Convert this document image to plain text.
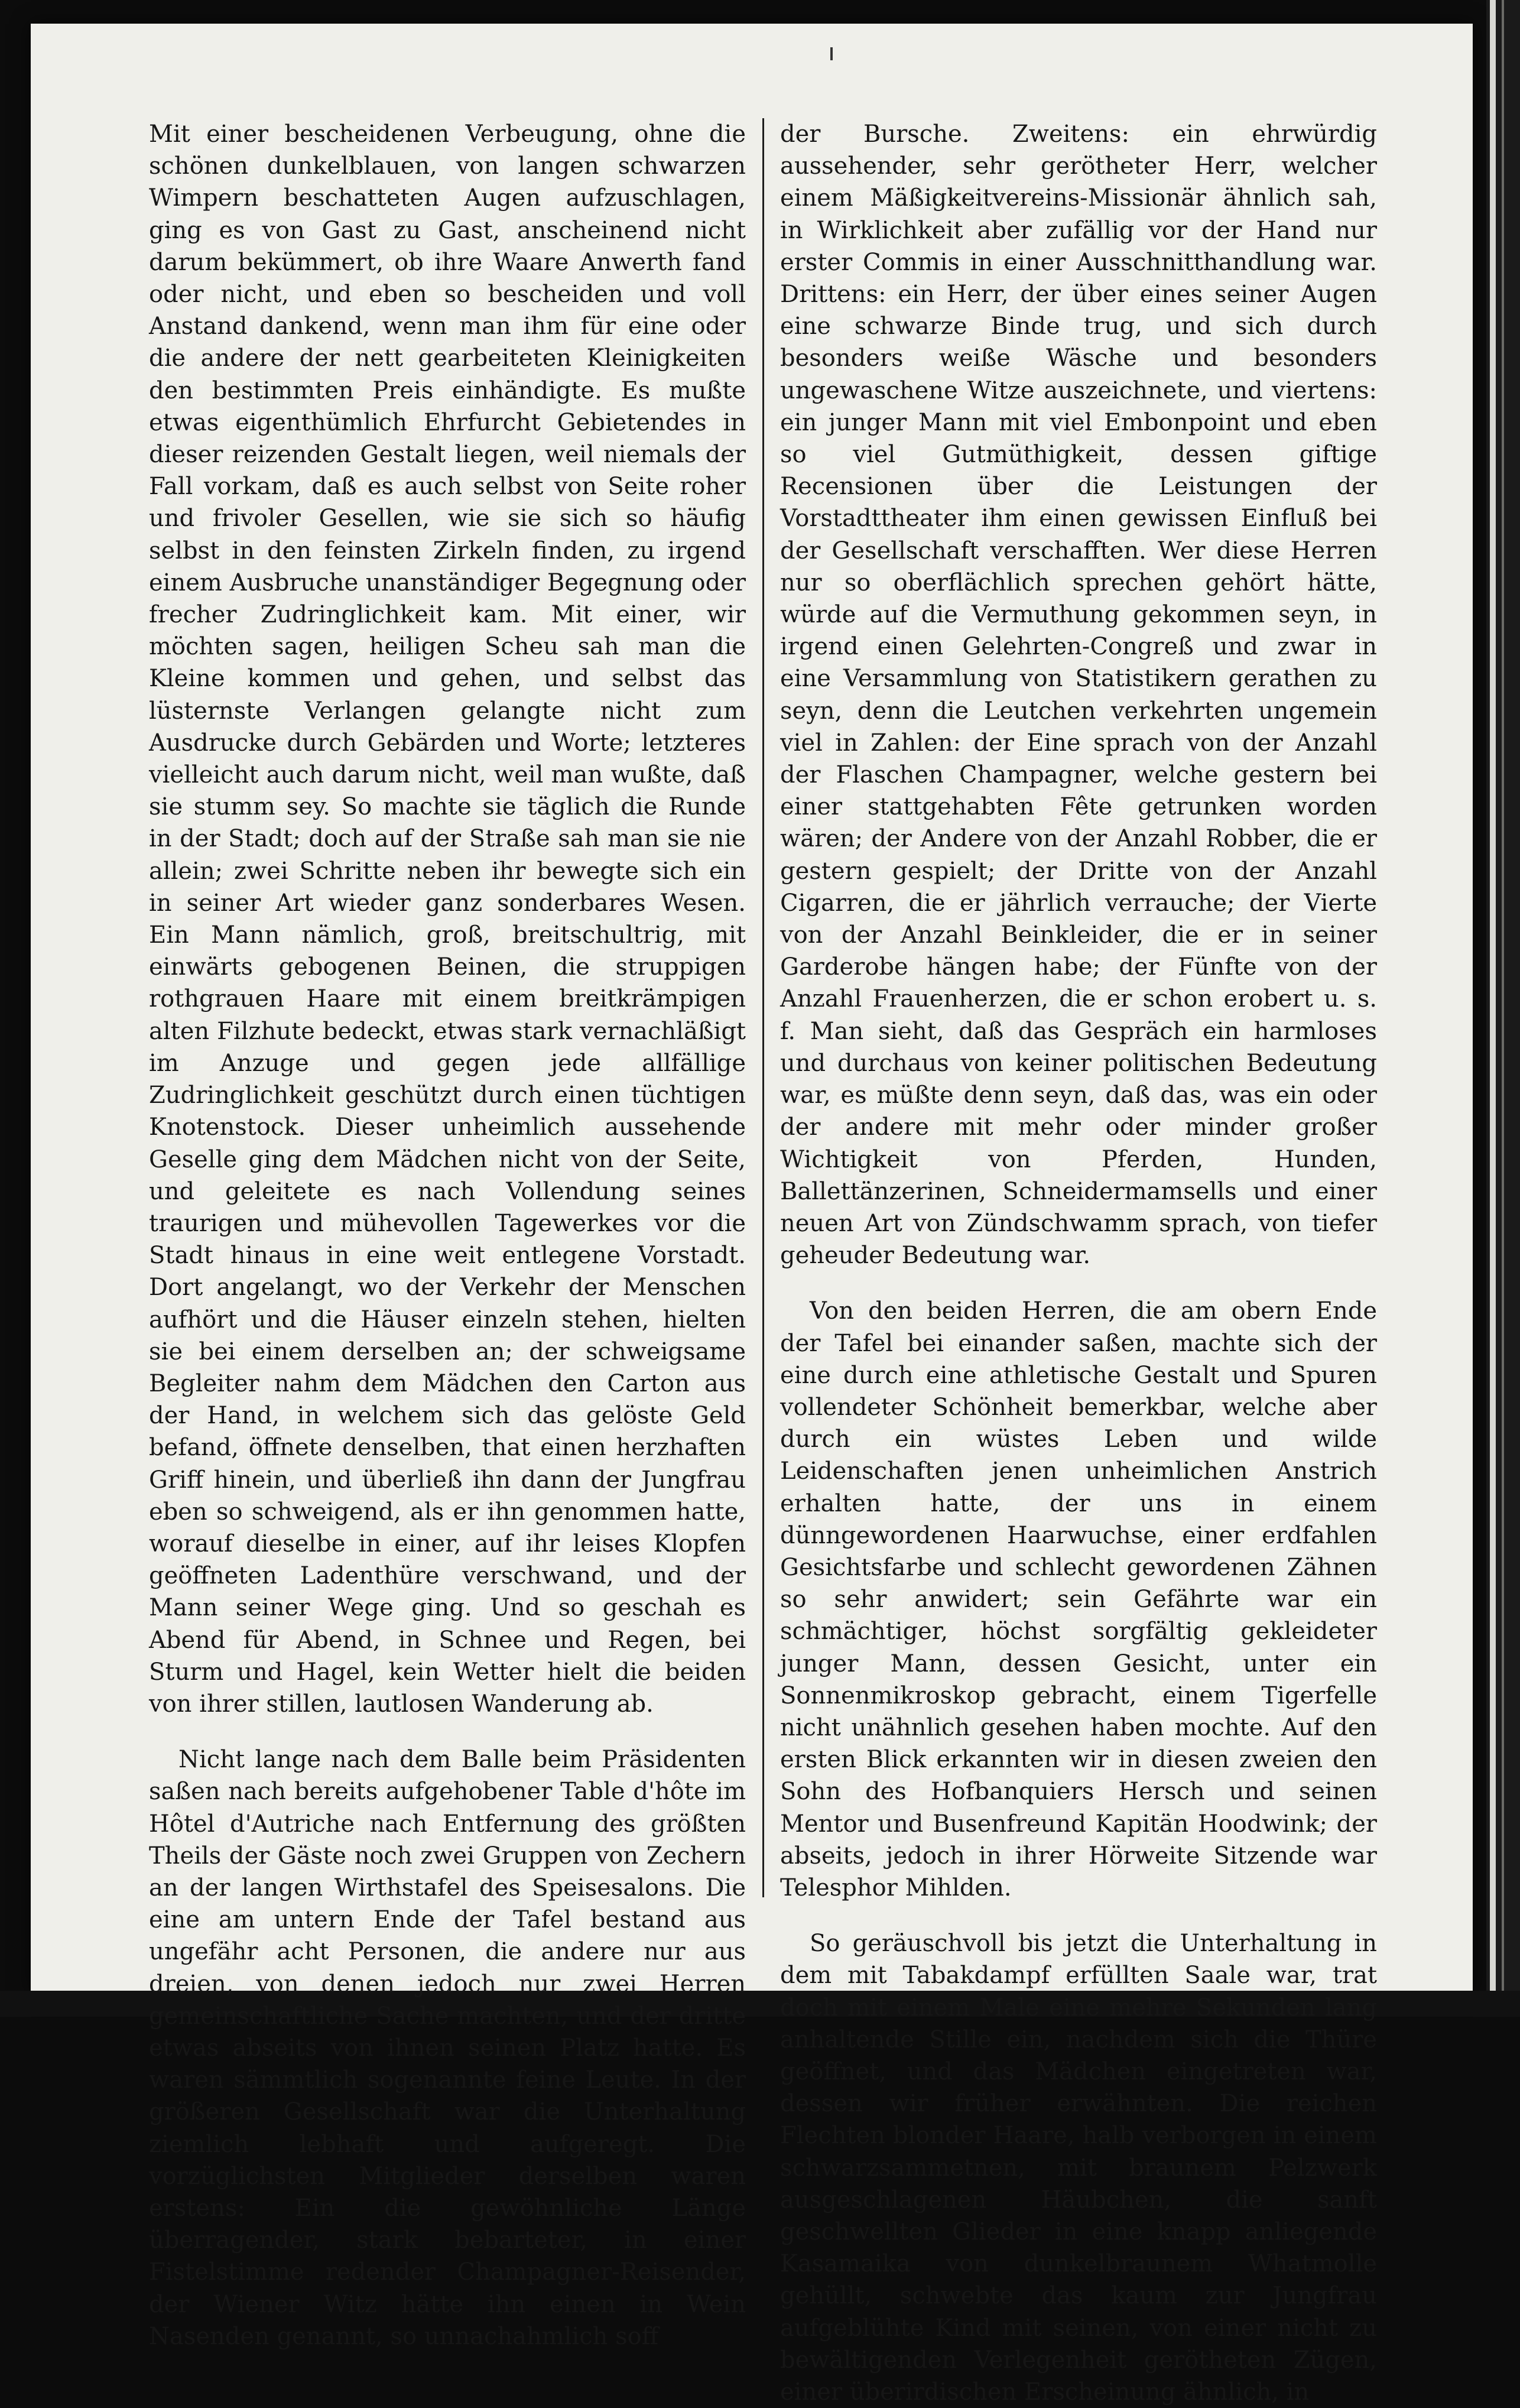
Mit einer bescheidenen Verbeugung, ohne die schönen dunkelblauen, von langen schwarzen Wimpern beschatteten Augen aufzuschlagen, ging es von Gast zu Gast, anscheinend nicht darum bekümmert, ob ihre Waare Anwerth fand oder nicht, und eben so bescheiden und voll Anstand dankend, wenn man ihm für eine oder die andere der nett gearbeiteten Kleinigkeiten den bestimmten Preis einhändigte. Es mußte etwas eigenthümlich Ehrfurcht Gebietendes in dieser reizenden Gestalt liegen, weil niemals der Fall vorkam, daß es auch selbst von Seite roher und frivoler Gesellen, wie sie sich so häufig selbst in den feinsten Zirkeln finden, zu irgend einem Ausbruche unanständiger Begegnung oder frecher Zudringlichkeit kam. Mit einer, wir möchten sagen, heiligen Scheu sah man die Kleine kommen und gehen, und selbst das lüsternste Verlangen gelangte nicht zum Ausdrucke durch Gebärden und Worte; letzteres vielleicht auch darum nicht, weil man wußte, daß sie stumm sey. So machte sie täglich die Runde in der Stadt; doch auf der Straße sah man sie nie allein; zwei Schritte neben ihr bewegte sich ein in seiner Art wieder ganz sonderbares Wesen. Ein Mann nämlich, groß, breitschultrig, mit einwärts gebogenen Beinen, die struppigen rothgrauen Haare mit einem breitkrämpigen alten Filzhute bedeckt, etwas stark vernachläßigt im Anzuge und gegen jede allfällige Zudringlichkeit geschützt durch einen tüchtigen Knotenstock. Dieser unheimlich aussehende Geselle ging dem Mädchen nicht von der Seite, und geleitete es nach Vollendung seines traurigen und mühevollen Tagewerkes vor die Stadt hinaus in eine weit entlegene Vorstadt. Dort angelangt, wo der Verkehr der Menschen aufhört und die Häuser einzeln stehen, hielten sie bei einem derselben an; der schweigsame Begleiter nahm dem Mädchen den Carton aus der Hand, in welchem sich das gelöste Geld befand, öffnete denselben, that einen herzhaften Griff hinein, und überließ ihn dann der Jungfrau eben so schweigend, als er ihn genommen hatte, worauf dieselbe in einer, auf ihr leises Klopfen geöffneten Ladenthüre verschwand, und der Mann seiner Wege ging. Und so geschah es Abend für Abend, in Schnee und Regen, bei Sturm und Hagel, kein Wetter hielt die beiden von ihrer stillen, lautlosen Wanderung ab.

Nicht lange nach dem Balle beim Präsidenten saßen nach bereits aufgehobener Table d'hôte im Hôtel d'Autriche nach Entfernung des größten Theils der Gäste noch zwei Gruppen von Zechern an der langen Wirthstafel des Speisesalons. Die eine am untern Ende der Tafel bestand aus ungefähr acht Personen, die andere nur aus dreien, von denen jedoch nur zwei Herren gemeinschaftliche Sache machten, und der dritte etwas abseits von ihnen seinen Platz hatte. Es waren sämmtlich sogenannte feine Leute. In der größeren Gesellschaft war die Unterhaltung ziemlich lebhaft und aufgeregt. Die vorzüglichsten Mitglieder derselben waren erstens: Ein die gewöhnliche Länge überragender, stark bebarteter, in einer Fistelstimme redender Champagner-Reisender, der Wiener Witz hätte ihn einen in Wein Nasenden genannt, so unnachahmlich soff

der Bursche. Zweitens: ein ehrwürdig aussehender, sehr gerötheter Herr, welcher einem Mäßigkeitvereins-Missionär ähnlich sah, in Wirklichkeit aber zufällig vor der Hand nur erster Commis in einer Ausschnitthandlung war. Drittens: ein Herr, der über eines seiner Augen eine schwarze Binde trug, und sich durch besonders weiße Wäsche und besonders ungewaschene Witze auszeichnete, und viertens: ein junger Mann mit viel Embonpoint und eben so viel Gutmüthigkeit, dessen giftige Recensionen über die Leistungen der Vorstadttheater ihm einen gewissen Einfluß bei der Gesellschaft verschafften. Wer diese Herren nur so oberflächlich sprechen gehört hätte, würde auf die Vermuthung gekommen seyn, in irgend einen Gelehrten-Congreß und zwar in eine Versammlung von Statistikern gerathen zu seyn, denn die Leutchen verkehrten ungemein viel in Zahlen: der Eine sprach von der Anzahl der Flaschen Champagner, welche gestern bei einer stattgehabten Fête getrunken worden wären; der Andere von der Anzahl Robber, die er gestern gespielt; der Dritte von der Anzahl Cigarren, die er jährlich verrauche; der Vierte von der Anzahl Beinkleider, die er in seiner Garderobe hängen habe; der Fünfte von der Anzahl Frauenherzen, die er schon erobert u. s. f. Man sieht, daß das Gespräch ein harmloses und durchaus von keiner politischen Bedeutung war, es müßte denn seyn, daß das, was ein oder der andere mit mehr oder minder großer Wichtigkeit von Pferden, Hunden, Ballettänzerinen, Schneidermamsells und einer neuen Art von Zündschwamm sprach, von tiefer geheuder Bedeutung war.

Von den beiden Herren, die am obern Ende der Tafel bei einander saßen, machte sich der eine durch eine athletische Gestalt und Spuren vollendeter Schönheit bemerkbar, welche aber durch ein wüstes Leben und wilde Leidenschaften jenen unheimlichen Anstrich erhalten hatte, der uns in einem dünngewordenen Haarwuchse, einer erdfahlen Gesichtsfarbe und schlecht gewordenen Zähnen so sehr anwidert; sein Gefährte war ein schmächtiger, höchst sorgfältig gekleideter junger Mann, dessen Gesicht, unter ein Sonnenmikroskop gebracht, einem Tigerfelle nicht unähnlich gesehen haben mochte. Auf den ersten Blick erkannten wir in diesen zweien den Sohn des Hofbanquiers Hersch und seinen Mentor und Busenfreund Kapitän Hoodwink; der abseits, jedoch in ihrer Hörweite Sitzende war Telesphor Mihlden.

So geräuschvoll bis jetzt die Unterhaltung in dem mit Tabakdampf erfüllten Saale war, trat doch mit einem Male eine mehre Sekunden lang anhaltende Stille ein, nachdem sich die Thüre geöffnet, und das Mädchen eingetreten war, dessen wir früher erwähnten. Die reichen Flechten blonder Haare, halb verborgen in einem schwarzsammetnen, mit braunem Pelzwerk ausgeschlagenen Häubchen, die sanft geschwellten Glieder in eine knapp anliegende Kasamaika von dunkelbraunem Whatmolle gehüllt, schwebte das kaum zur Jungfrau aufgeblühte Kind mit seinen, von einer nicht zu bewältigenden Verlegenheit gerötheten Zügen, einer überirdischen Erscheinung ähnlich, in
